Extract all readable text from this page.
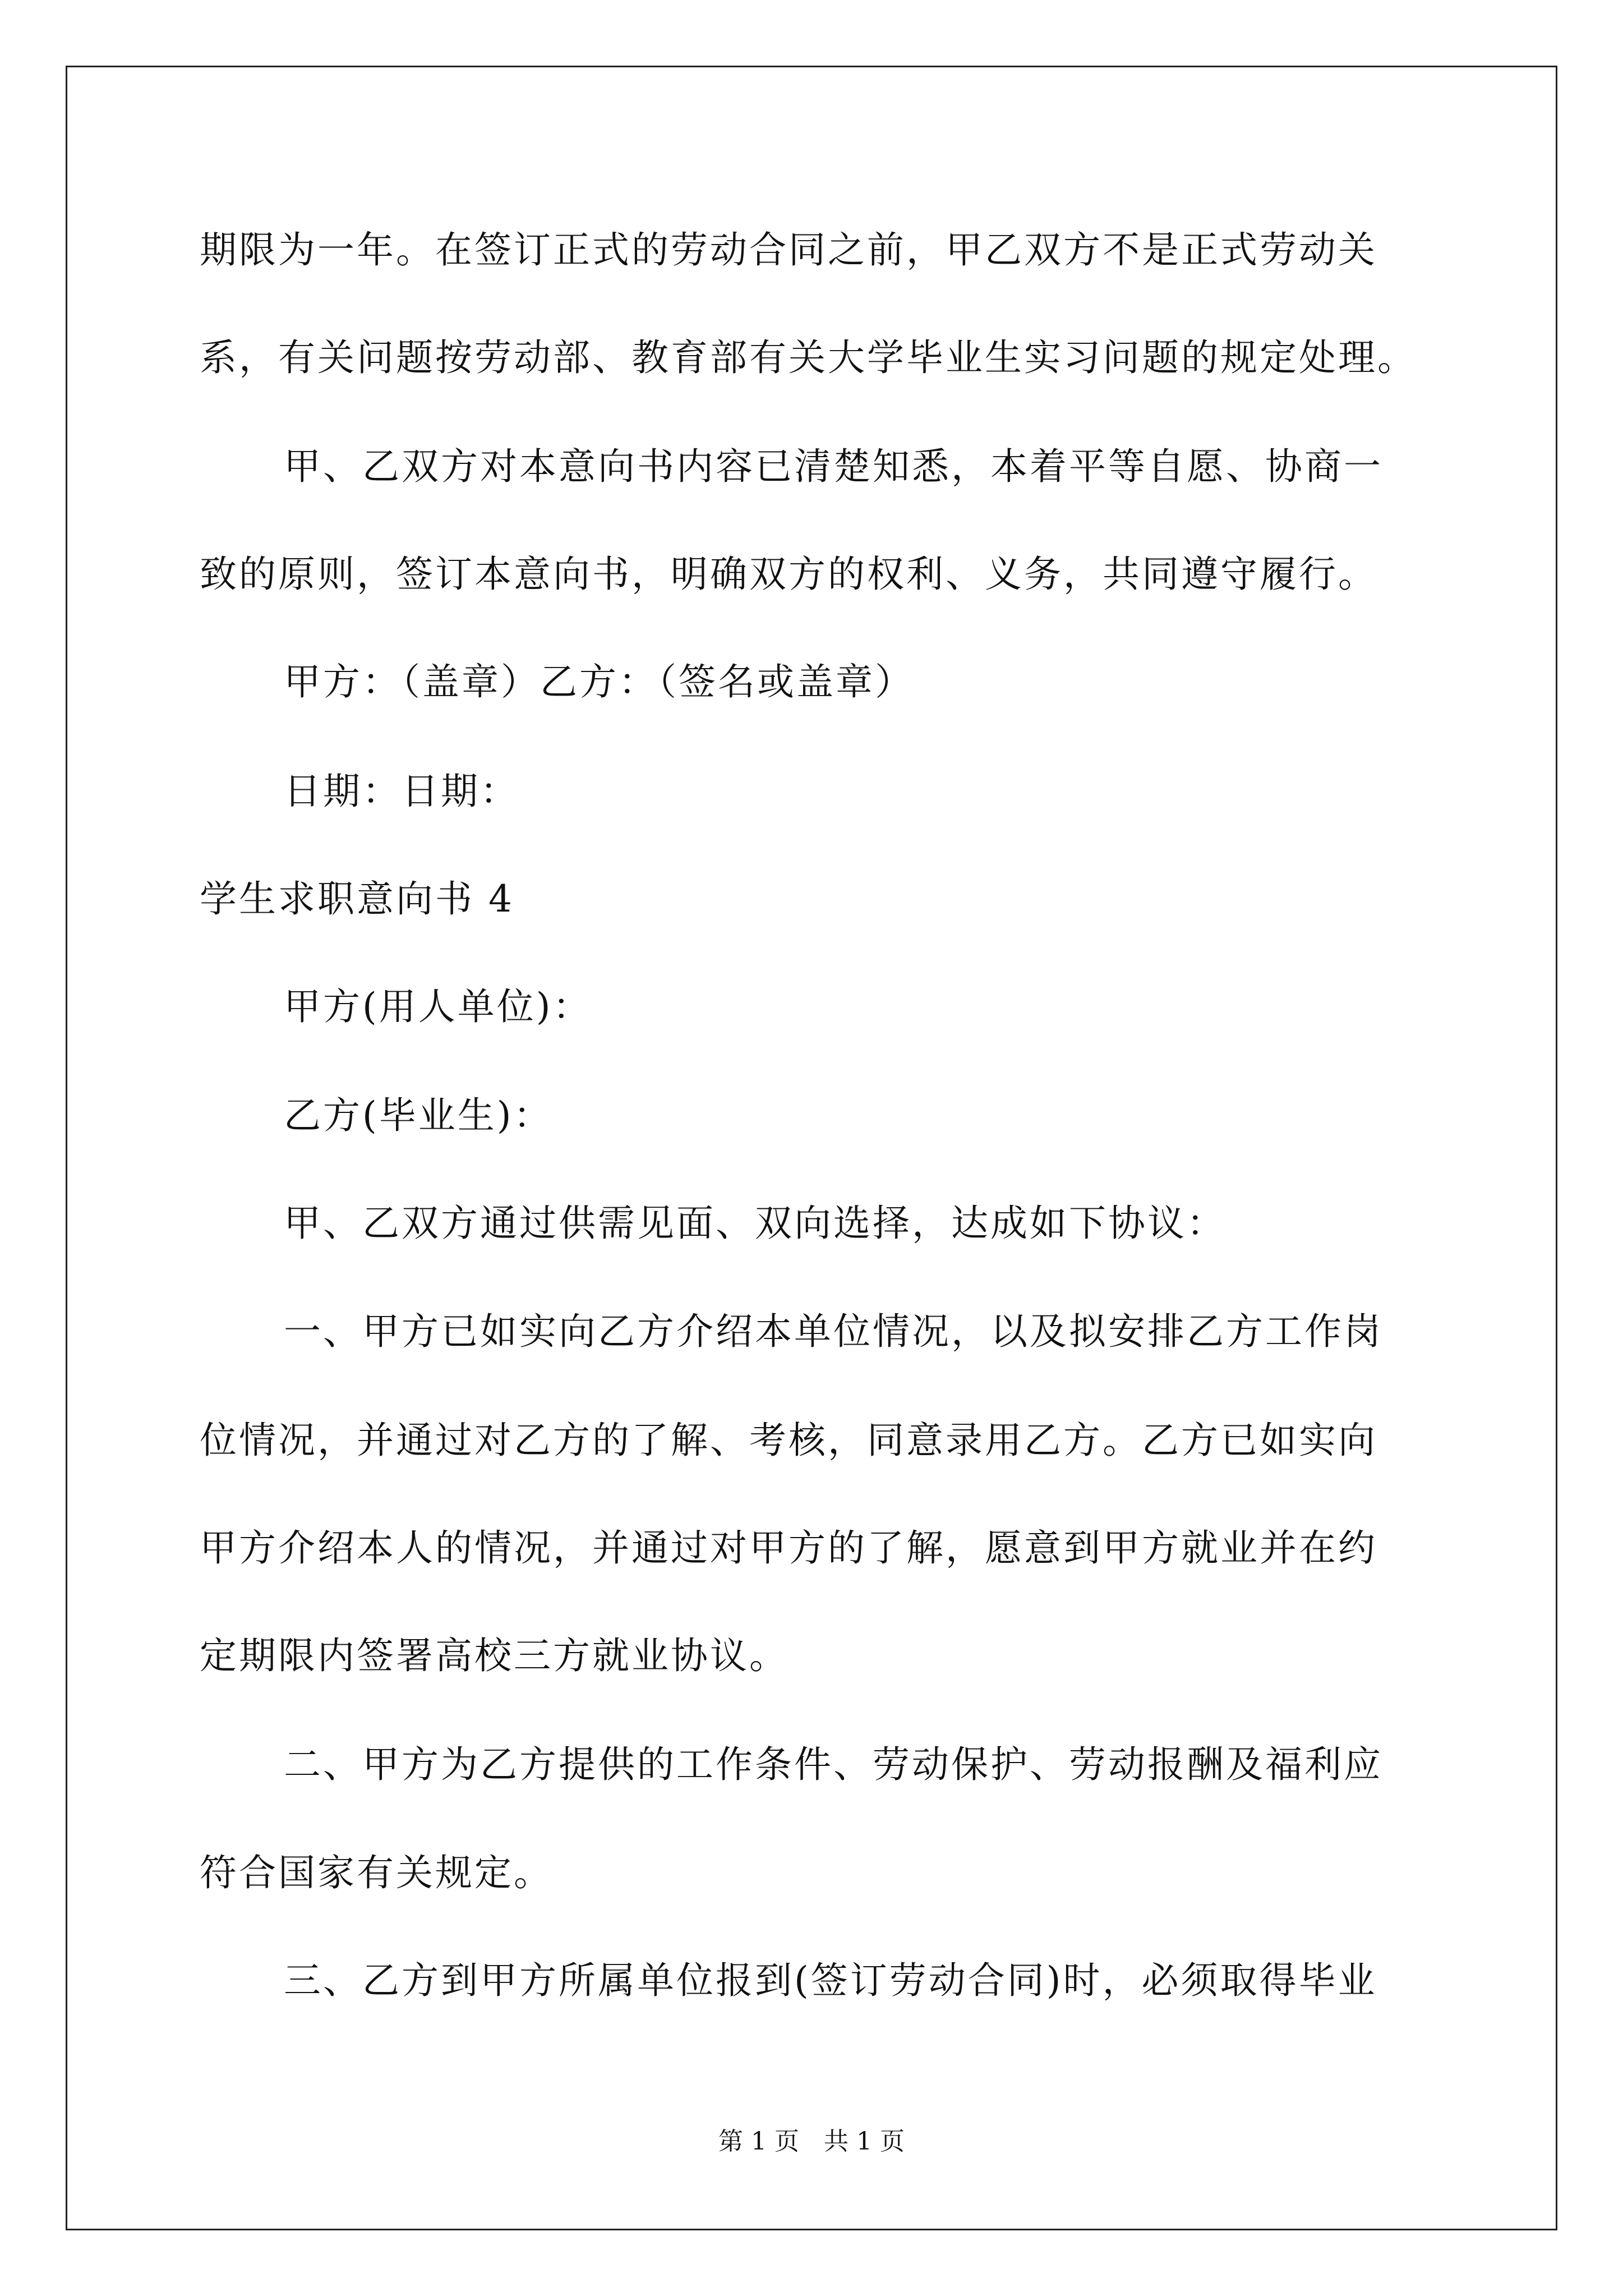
期限为一年。在签订正式的劳动合同之前，甲乙双方不是正式劳动关
系，有关问题按劳动部、教育部有关大学毕业生实习问题的规定处理。
甲、乙双方对本意向书内容已清楚知悉，本着平等自愿、协商一
致的原则，签订本意向书，明确双方的权利、义务，共同遵守履行。
甲方：（盖章）乙方：（签名或盖章）
日期：日期：
学生求职意向书 4
甲方(用人单位)：
乙方(毕业生)：
甲、乙双方通过供需见面、双向选择，达成如下协议：
一、甲方已如实向乙方介绍本单位情况，以及拟安排乙方工作岗
位情况，并通过对乙方的了解、考核，同意录用乙方。乙方已如实向
甲方介绍本人的情况，并通过对甲方的了解，愿意到甲方就业并在约
定期限内签署高校三方就业协议。
二、甲方为乙方提供的工作条件、劳动保护、劳动报酬及福利应
符合国家有关规定。
三、乙方到甲方所属单位报到(签订劳动合同)时，必须取得毕业
第 1 页　共 1 页
